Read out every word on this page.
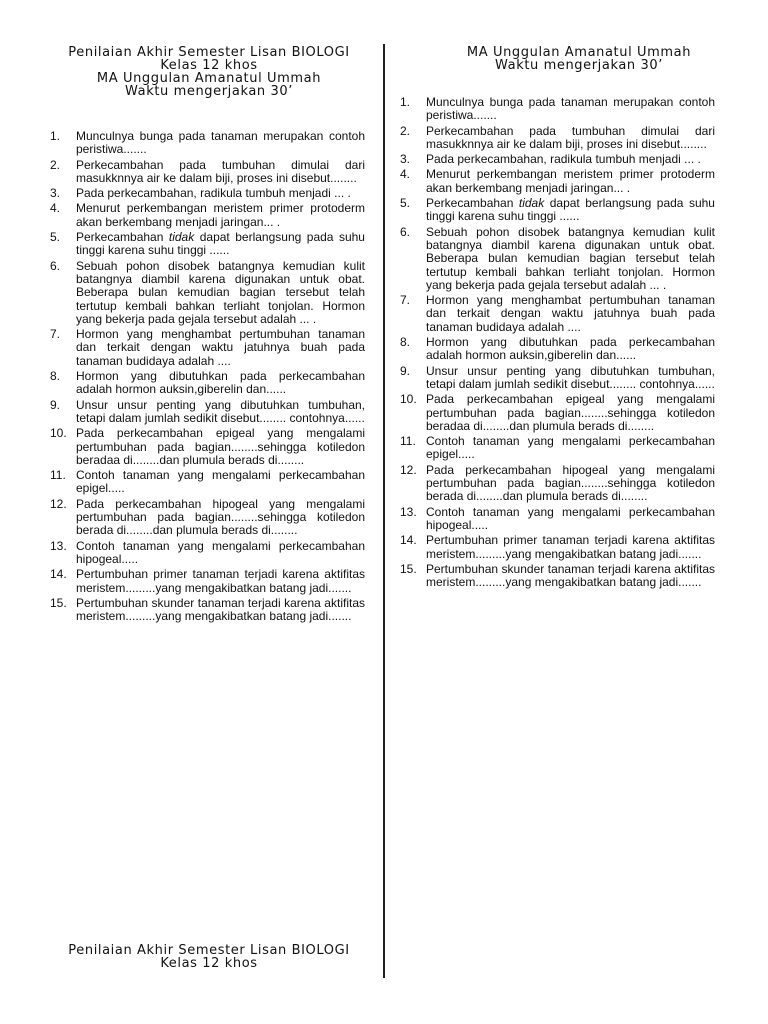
Penilaian Akhir Semester Lisan BIOLOGI
Kelas 12 khos
MA Unggulan Amanatul Ummah
Waktu mengerjakan 30’
1.	Munculnya bunga pada tanaman merupakan contoh peristiwa.......
2.	Perkecambahan pada tumbuhan dimulai dari masukknnya air ke dalam biji, proses ini disebut........
3.	Pada perkecambahan, radikula tumbuh menjadi ... .
4.	Menurut perkembangan meristem primer protoderm akan berkembang menjadi jaringan... .
5.	Perkecambahan tidak dapat berlangsung pada suhu tinggi karena suhu tinggi ......
6.	Sebuah pohon disobek batangnya kemudian kulit batangnya diambil karena digunakan untuk obat. Beberapa bulan kemudian bagian tersebut telah tertutup kembali bahkan terliaht tonjolan. Hormon yang bekerja pada gejala tersebut adalah ... .
7.	Hormon yang menghambat pertumbuhan tanaman dan terkait dengan waktu jatuhnya buah pada tanaman budidaya adalah ....
8.	Hormon yang dibutuhkan pada perkecambahan adalah hormon auksin,giberelin dan......
9.	Unsur unsur penting yang dibutuhkan tumbuhan, tetapi dalam jumlah sedikit disebut........ contohnya......
10. Pada perkecambahan epigeal yang mengalami pertumbuhan pada bagian........sehingga kotiledon beradaa di........dan plumula berads di........
11. Contoh tanaman yang mengalami perkecambahan epigel.....
12. Pada perkecambahan hipogeal yang mengalami pertumbuhan pada bagian........sehingga kotiledon berada di........dan plumula berads di........
13. Contoh tanaman yang mengalami perkecambahan hipogeal.....
14. Pertumbuhan primer tanaman terjadi karena aktifitas meristem.........yang mengakibatkan batang jadi.......
15. Pertumbuhan skunder tanaman terjadi karena aktifitas meristem.........yang mengakibatkan batang jadi.......
Penilaian Akhir Semester Lisan BIOLOGI
Kelas 12 khos
MA Unggulan Amanatul Ummah
Waktu mengerjakan 30’
1.	Munculnya bunga pada tanaman merupakan contoh peristiwa.......
2.	Perkecambahan pada tumbuhan dimulai dari masukknnya air ke dalam biji, proses ini disebut........
3.	Pada perkecambahan, radikula tumbuh menjadi ... .
4.	Menurut perkembangan meristem primer protoderm akan berkembang menjadi jaringan... .
5.	Perkecambahan tidak dapat berlangsung pada suhu tinggi karena suhu tinggi ......
6.	Sebuah pohon disobek batangnya kemudian kulit batangnya diambil karena digunakan untuk obat. Beberapa bulan kemudian bagian tersebut telah tertutup kembali bahkan terliaht tonjolan. Hormon yang bekerja pada gejala tersebut adalah ... .
7.	Hormon yang menghambat pertumbuhan tanaman dan terkait dengan waktu jatuhnya buah pada tanaman budidaya adalah ....
8.	Hormon yang dibutuhkan pada perkecambahan adalah hormon auksin,giberelin dan......
9.	Unsur unsur penting yang dibutuhkan tumbuhan, tetapi dalam jumlah sedikit disebut........ contohnya......
10. Pada perkecambahan epigeal yang mengalami pertumbuhan pada bagian........sehingga kotiledon beradaa di........dan plumula berads di........
11. Contoh tanaman yang mengalami perkecambahan epigel.....
12. Pada perkecambahan hipogeal yang mengalami pertumbuhan pada bagian........sehingga kotiledon berada di........dan plumula berads di........
13. Contoh tanaman yang mengalami perkecambahan hipogeal.....
14. Pertumbuhan primer tanaman terjadi karena aktifitas meristem.........yang mengakibatkan batang jadi.......
15. Pertumbuhan skunder tanaman terjadi karena aktifitas meristem.........yang mengakibatkan batang jadi.......
